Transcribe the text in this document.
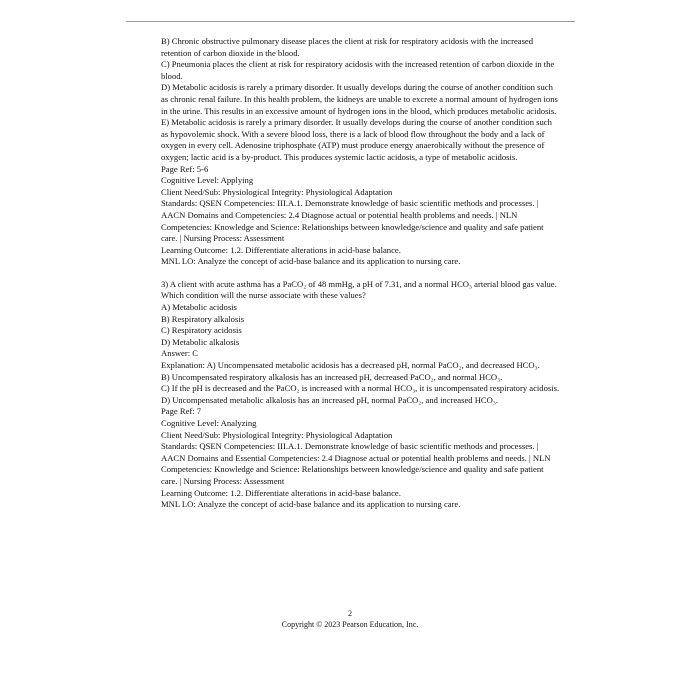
B) Chronic obstructive pulmonary disease places the client at risk for respiratory acidosis with the increased retention of carbon dioxide in the blood.

C) Pneumonia places the client at risk for respiratory acidosis with the increased retention of carbon dioxide in the blood.

D) Metabolic acidosis is rarely a primary disorder. It usually develops during the course of another condition such as chronic renal failure. In this health problem, the kidneys are unable to excrete a normal amount of hydrogen ions in the urine. This results in an excessive amount of hydrogen ions in the blood, which produces metabolic acidosis.

E) Metabolic acidosis is rarely a primary disorder. It usually develops during the course of another condition such as hypovolemic shock. With a severe blood loss, there is a lack of blood flow throughout the body and a lack of oxygen in every cell. Adenosine triphosphate (ATP) must produce energy anaerobically without the presence of oxygen; lactic acid is a by-product. This produces systemic lactic acidosis, a type of metabolic acidosis.

Page Ref: 5-6

Cognitive Level: Applying

Client Need/Sub: Physiological Integrity: Physiological Adaptation

Standards: QSEN Competencies: III.A.1. Demonstrate knowledge of basic scientific methods and processes. | AACN Domains and Competencies: 2.4 Diagnose actual or potential health problems and needs. | NLN Competencies: Knowledge and Science: Relationships between knowledge/science and quality and safe patient care. | Nursing Process: Assessment

Learning Outcome: 1.2. Differentiate alterations in acid-base balance.

MNL LO: Analyze the concept of acid-base balance and its application to nursing care.

3) A client with acute asthma has a PaCO₂ of 48 mmHg, a pH of 7.31, and a normal HCO₃ arterial blood gas value. Which condition will the nurse associate with these values?

A) Metabolic acidosis

B) Respiratory alkalosis

C) Respiratory acidosis

D) Metabolic alkalosis

Answer: C

Explanation: A) Uncompensated metabolic acidosis has a decreased pH, normal PaCO₂, and decreased HCO₃.

B) Uncompensated respiratory alkalosis has an increased pH, decreased PaCO₂, and normal HCO₃.

C) If the pH is decreased and the PaCO₂ is increased with a normal HCO₃, it is uncompensated respiratory acidosis.

D) Uncompensated metabolic alkalosis has an increased pH, normal PaCO₂, and increased HCO₃.

Page Ref: 7

Cognitive Level: Analyzing

Client Need/Sub: Physiological Integrity: Physiological Adaptation

Standards: QSEN Competencies: III.A.1. Demonstrate knowledge of basic scientific methods and processes. | AACN Domains and Essential Competencies: 2.4 Diagnose actual or potential health problems and needs. | NLN Competencies: Knowledge and Science: Relationships between knowledge/science and quality and safe patient care. | Nursing Process: Assessment

Learning Outcome: 1.2. Differentiate alterations in acid-base balance.

MNL LO: Analyze the concept of acid-base balance and its application to nursing care.

2
Copyright © 2023 Pearson Education, Inc.
